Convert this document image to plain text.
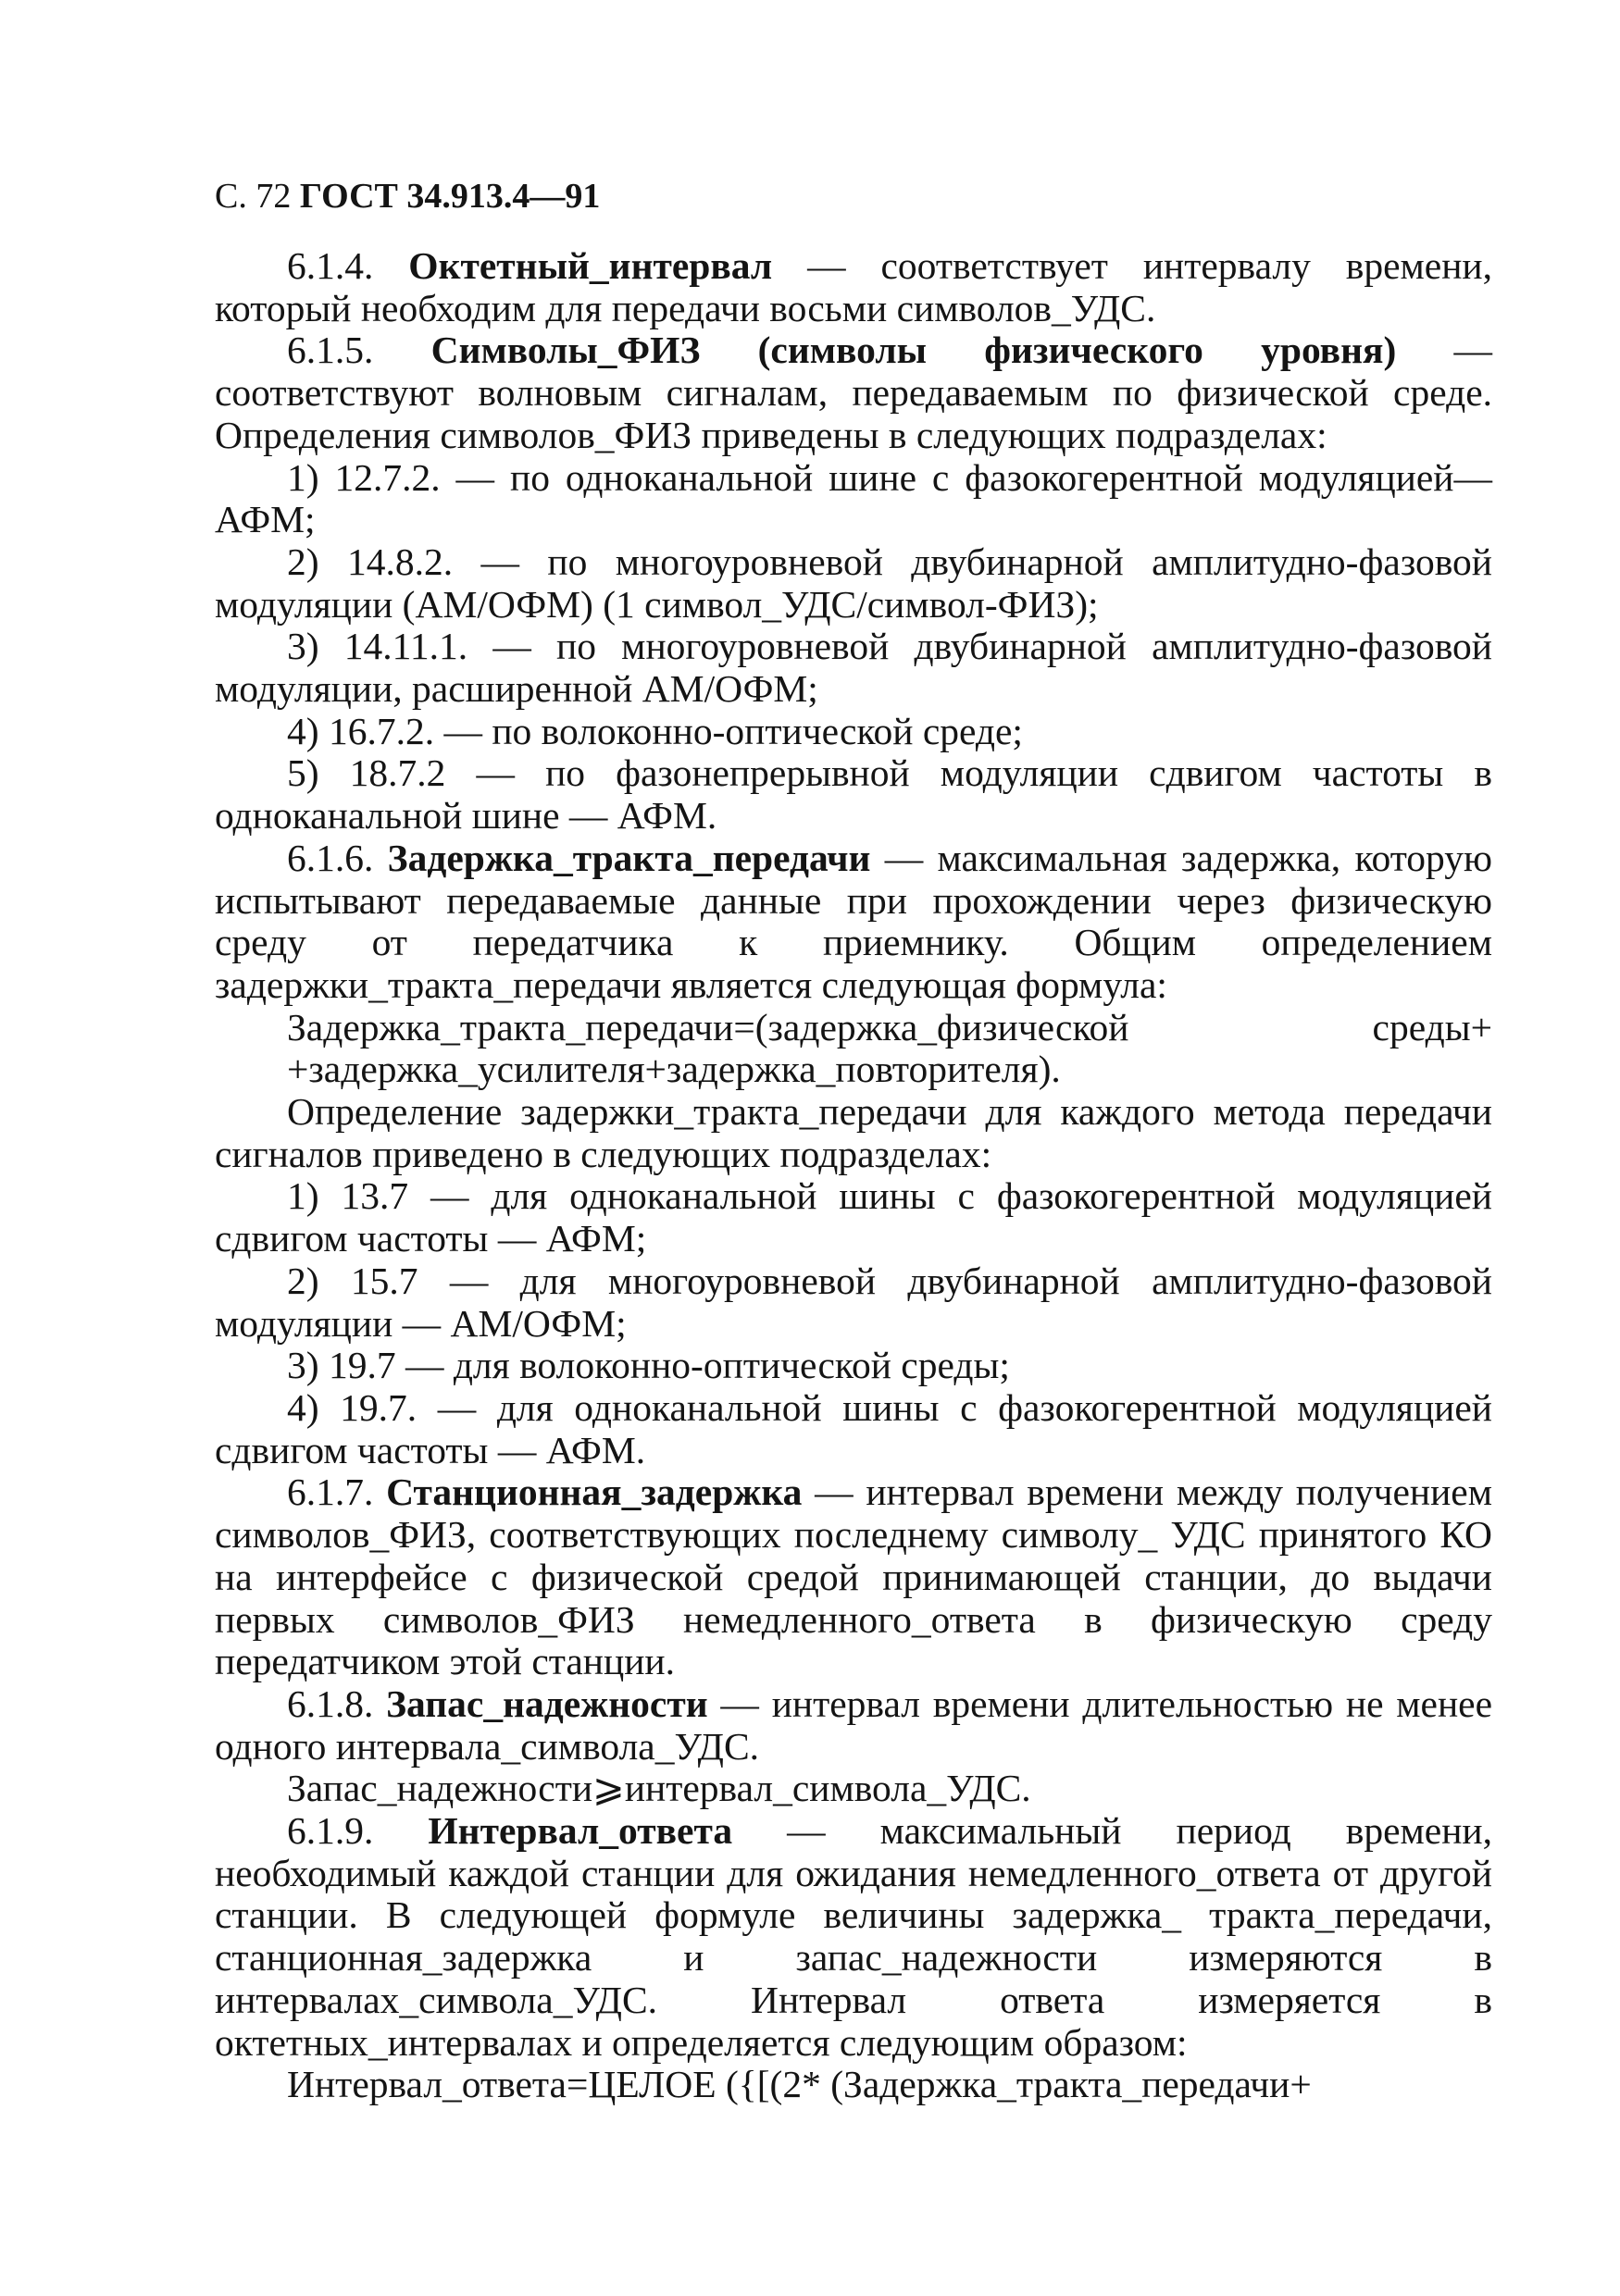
С. 72 ГОСТ 34.913.4—91

6.1.4. Октетный_интервал — соответствует интервалу времени, который необходим для передачи восьми символов_УДС.

6.1.5. Символы_ФИЗ (символы физического уровня) — соответствуют волновым сигналам, передаваемым по физической среде. Определения символов_ФИЗ приведены в следующих подразделах:

1) 12.7.2. — по одноканальной шине с фазокогерентной модуляцией—АФМ;

2) 14.8.2. — по многоуровневой двубинарной амплитудно-фазовой модуляции (АМ/ОФМ) (1 символ_УДС/символ-ФИЗ);

3) 14.11.1. — по многоуровневой двубинарной амплитудно-фазовой модуляции, расширенной АМ/ОФМ;

4) 16.7.2. — по волоконно-оптической среде;

5) 18.7.2 — по фазонепрерывной модуляции сдвигом частоты в одноканальной шине — АФМ.

6.1.6. Задержка_тракта_передачи — максимальная задержка, которую испытывают передаваемые данные при прохождении через физическую среду от передатчика к приемнику. Общим определением задержки_тракта_передачи является следующая формула:

Задержка_тракта_передачи=(задержка_физической среды+ +задержка_усилителя+задержка_повторителя).

Определение задержки_тракта_передачи для каждого метода передачи сигналов приведено в следующих подразделах:

1) 13.7 — для одноканальной шины с фазокогерентной модуляцией сдвигом частоты — АФМ;

2) 15.7 — для многоуровневой двубинарной амплитудно-фазовой модуляции — АМ/ОФМ;

3) 19.7 — для волоконно-оптической среды;

4) 19.7. — для одноканальной шины с фазокогерентной модуляцией сдвигом частоты — АФМ.

6.1.7. Станционная_задержка — интервал времени между получением символов_ФИЗ, соответствующих последнему символу_ УДС принятого КО на интерфейсе с физической средой принимающей станции, до выдачи первых символов_ФИЗ немедленного_ответа в физическую среду передатчиком этой станции.

6.1.8. Запас_надежности — интервал времени длительностью не менее одного интервала_символа_УДС.

Запас_надежности⩾интервал_символа_УДС.

6.1.9. Интервал_ответа — максимальный период времени, необходимый каждой станции для ожидания немедленного_ответа от другой станции. В следующей формуле величины задержка_ тракта_передачи, станционная_задержка и запас_надежности измеряются в интервалах_символа_УДС. Интервал ответа измеряется в октетных_интервалах и определяется следующим образом:

Интервал_ответа=ЦЕЛОЕ ({[(2* (Задержка_тракта_передачи+
